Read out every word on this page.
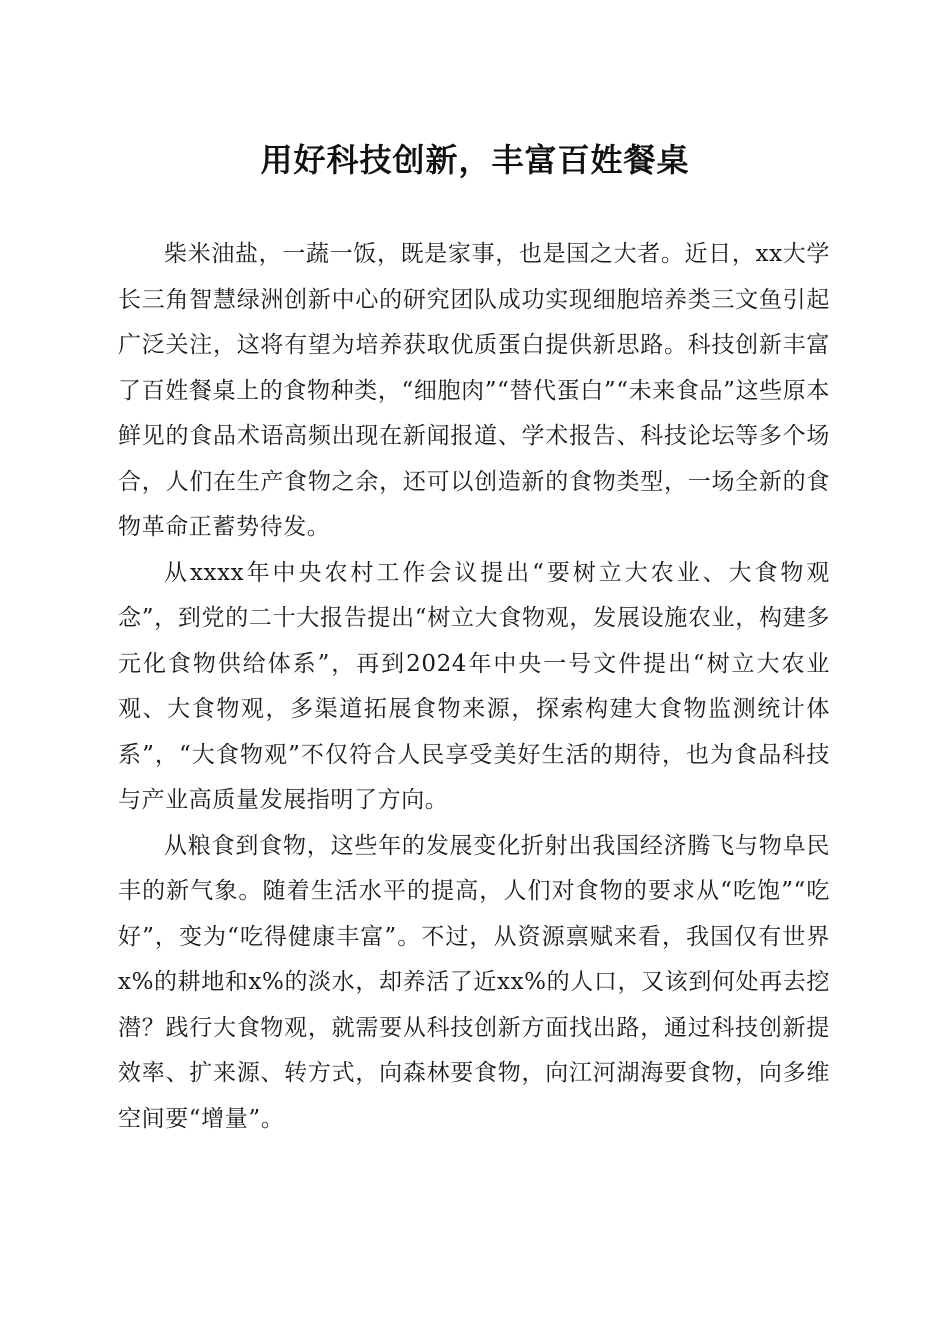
用好科技创新，丰富百姓餐桌

柴米油盐，一蔬一饭，既是家事，也是国之大者。近日，xx大学长三角智慧绿洲创新中心的研究团队成功实现细胞培养类三文鱼引起广泛关注，这将有望为培养获取优质蛋白提供新思路。科技创新丰富了百姓餐桌上的食物种类，“细胞肉”“替代蛋白”“未来食品”这些原本鲜见的食品术语高频出现在新闻报道、学术报告、科技论坛等多个场合，人们在生产食物之余，还可以创造新的食物类型，一场全新的食物革命正蓄势待发。

从xxxx年中央农村工作会议提出“要树立大农业、大食物观念”，到党的二十大报告提出“树立大食物观，发展设施农业，构建多元化食物供给体系”，再到2024年中央一号文件提出“树立大农业观、大食物观，多渠道拓展食物来源，探索构建大食物监测统计体系”，“大食物观”不仅符合人民享受美好生活的期待，也为食品科技与产业高质量发展指明了方向。

从粮食到食物，这些年的发展变化折射出我国经济腾飞与物阜民丰的新气象。随着生活水平的提高，人们对食物的要求从“吃饱”“吃好”，变为“吃得健康丰富”。不过，从资源禀赋来看，我国仅有世界x%的耕地和x%的淡水，却养活了近xx%的人口，又该到何处再去挖潜？践行大食物观，就需要从科技创新方面找出路，通过科技创新提效率、扩来源、转方式，向森林要食物，向江河湖海要食物，向多维空间要“增量”。
